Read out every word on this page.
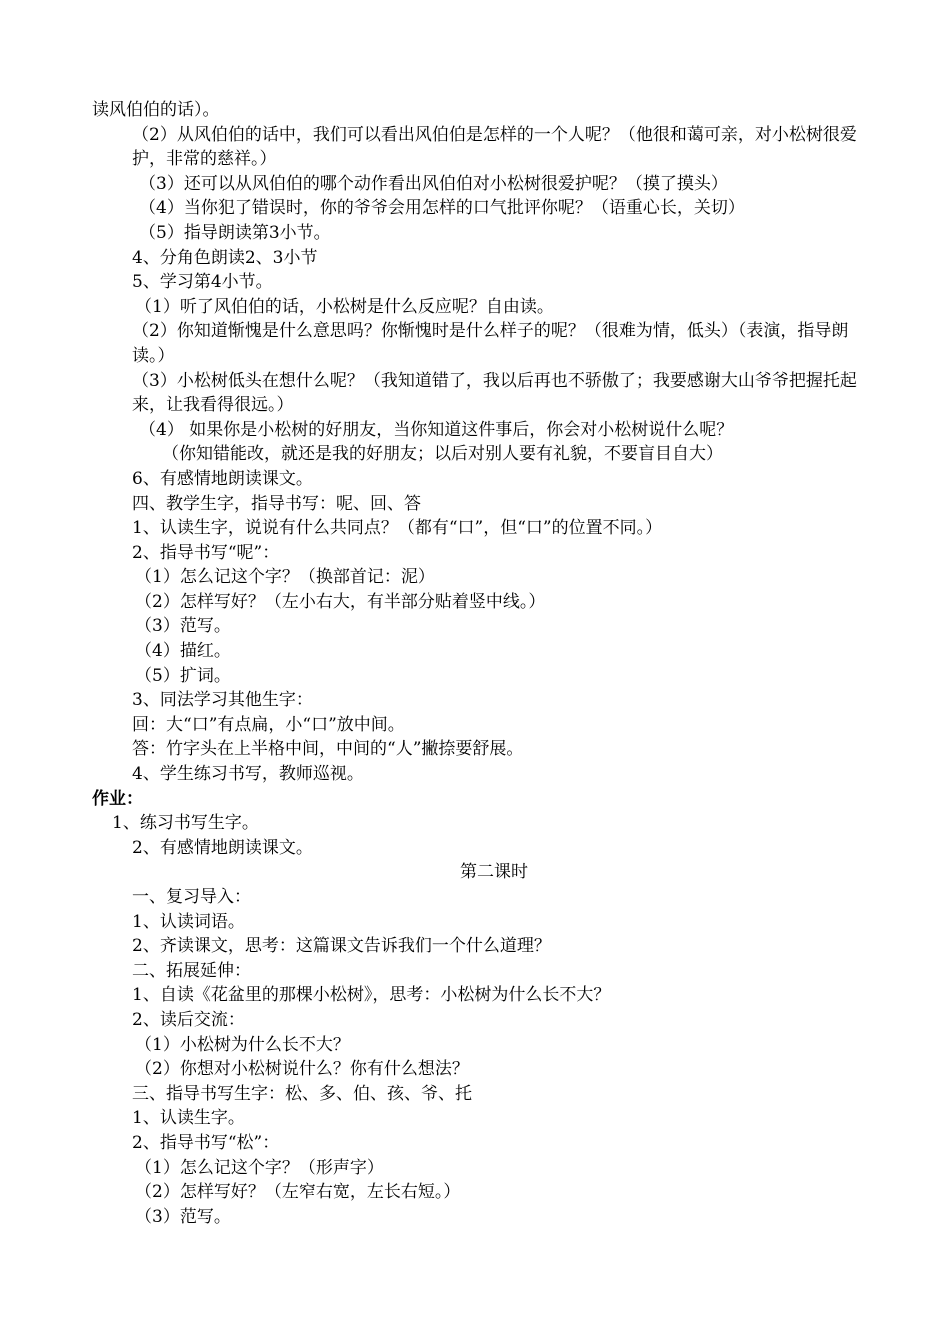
读风伯伯的话）。
（2）从风伯伯的话中，我们可以看出风伯伯是怎样的一个人呢？（他很和蔼可亲，对小松树很爱护，非常的慈祥。）
（3）还可以从风伯伯的哪个动作看出风伯伯对小松树很爱护呢？（摸了摸头）
（4）当你犯了错误时，你的爷爷会用怎样的口气批评你呢？（语重心长，关切）
（5）指导朗读第3小节。
4、分角色朗读2、3小节
5、学习第4小节。
（1）听了风伯伯的话，小松树是什么反应呢？自由读。
（2）你知道惭愧是什么意思吗？你惭愧时是什么样子的呢？（很难为情，低头）（表演，指导朗读。）
（3）小松树低头在想什么呢？（我知道错了，我以后再也不骄傲了；我要感谢大山爷爷把握托起来，让我看得很远。）
（4） 如果你是小松树的好朋友，当你知道这件事后，你会对小松树说什么呢？
（你知错能改，就还是我的好朋友；以后对别人要有礼貌，不要盲目自大）
6、有感情地朗读课文。
四、教学生字，指导书写：呢、回、答
1、认读生字，说说有什么共同点？（都有“口”，但“口”的位置不同。）
2、指导书写“呢”：
（1）怎么记这个字？（换部首记：泥）
（2）怎样写好？（左小右大，有半部分贴着竖中线。）
（3）范写。
（4）描红。
（5）扩词。
3、同法学习其他生字：
回：大“口”有点扁，小“口”放中间。
答：竹字头在上半格中间，中间的“人”撇捺要舒展。
4、学生练习书写，教师巡视。
作业：
1、练习书写生字。
2、有感情地朗读课文。
第二课时
一、复习导入：
1、认读词语。
2、齐读课文，思考：这篇课文告诉我们一个什么道理？
二、拓展延伸：
1、自读《花盆里的那棵小松树》，思考：小松树为什么长不大？
2、读后交流：
（1）小松树为什么长不大？
（2）你想对小松树说什么？你有什么想法？
三、指导书写生字：松、多、伯、孩、爷、托
1、认读生字。
2、指导书写“松”：
（1）怎么记这个字？（形声字）
（2）怎样写好？（左窄右宽，左长右短。）
（3）范写。
